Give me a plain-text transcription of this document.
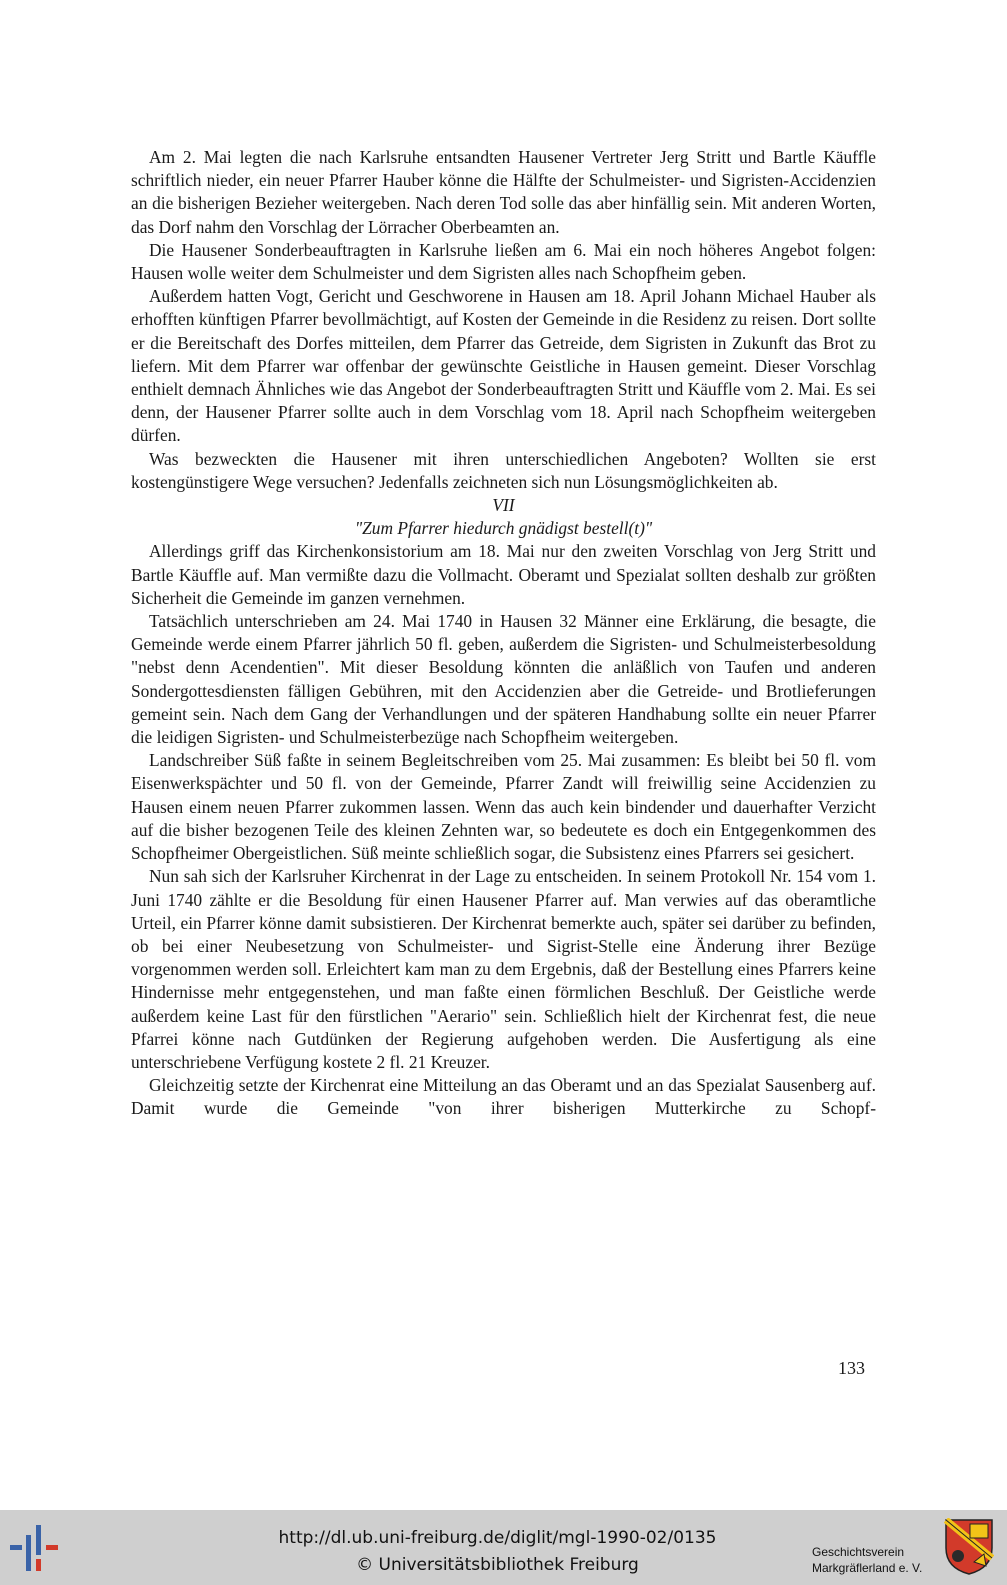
Am 2. Mai legten die nach Karlsruhe entsandten Hausener Vertreter Jerg Stritt und Bartle Käuffle schriftlich nieder, ein neuer Pfarrer Hauber könne die Hälfte der Schulmeister- und Sigristen-Accidenzien an die bisherigen Bezieher weitergeben. Nach deren Tod solle das aber hinfällig sein. Mit anderen Worten, das Dorf nahm den Vorschlag der Lörracher Oberbeamten an.

Die Hausener Sonderbeauftragten in Karlsruhe ließen am 6. Mai ein noch höheres Angebot folgen: Hausen wolle weiter dem Schulmeister und dem Sigristen alles nach Schopfheim geben.

Außerdem hatten Vogt, Gericht und Geschworene in Hausen am 18. April Johann Michael Hauber als erhofften künftigen Pfarrer bevollmächtigt, auf Kosten der Gemeinde in die Residenz zu reisen. Dort sollte er die Bereitschaft des Dorfes mitteilen, dem Pfarrer das Getreide, dem Sigristen in Zukunft das Brot zu liefern. Mit dem Pfarrer war offenbar der gewünschte Geistliche in Hausen gemeint. Dieser Vorschlag enthielt demnach Ähnliches wie das Angebot der Sonderbeauftragten Stritt und Käuffle vom 2. Mai. Es sei denn, der Hausener Pfarrer sollte auch in dem Vorschlag vom 18. April nach Schopfheim weitergeben dürfen.

Was bezweckten die Hausener mit ihren unterschiedlichen Angeboten? Wollten sie erst kostengünstigere Wege versuchen? Jedenfalls zeichneten sich nun Lösungsmöglichkeiten ab.

VII

"Zum Pfarrer hiedurch gnädigst bestell(t)"

Allerdings griff das Kirchenkonsistorium am 18. Mai nur den zweiten Vorschlag von Jerg Stritt und Bartle Käuffle auf. Man vermißte dazu die Vollmacht. Oberamt und Spezialat sollten deshalb zur größten Sicherheit die Gemeinde im ganzen vernehmen.

Tatsächlich unterschrieben am 24. Mai 1740 in Hausen 32 Männer eine Erklärung, die besagte, die Gemeinde werde einem Pfarrer jährlich 50 fl. geben, außerdem die Sigristen- und Schulmeisterbesoldung "nebst denn Acendentien". Mit dieser Besoldung könnten die anläßlich von Taufen und anderen Sondergottesdiensten fälligen Gebühren, mit den Accidenzien aber die Getreide- und Brotlieferungen gemeint sein. Nach dem Gang der Verhandlungen und der späteren Handhabung sollte ein neuer Pfarrer die leidigen Sigristen- und Schulmeisterbezüge nach Schopfheim weitergeben.

Landschreiber Süß faßte in seinem Begleitschreiben vom 25. Mai zusammen: Es bleibt bei 50 fl. vom Eisenwerkspächter und 50 fl. von der Gemeinde, Pfarrer Zandt will freiwillig seine Accidenzien zu Hausen einem neuen Pfarrer zukommen lassen. Wenn das auch kein bindender und dauerhafter Verzicht auf die bisher bezogenen Teile des kleinen Zehnten war, so bedeutete es doch ein Entgegenkommen des Schopfheimer Obergeistlichen. Süß meinte schließlich sogar, die Subsistenz eines Pfarrers sei gesichert.

Nun sah sich der Karlsruher Kirchenrat in der Lage zu entscheiden. In seinem Protokoll Nr. 154 vom 1. Juni 1740 zählte er die Besoldung für einen Hausener Pfarrer auf. Man verwies auf das oberamtliche Urteil, ein Pfarrer könne damit subsistieren. Der Kirchenrat bemerkte auch, später sei darüber zu befinden, ob bei einer Neubesetzung von Schulmeister- und Sigrist-Stelle eine Änderung ihrer Bezüge vorgenommen werden soll. Erleichtert kam man zu dem Ergebnis, daß der Bestellung eines Pfarrers keine Hindernisse mehr entgegenstehen, und man faßte einen förmlichen Beschluß. Der Geistliche werde außerdem keine Last für den fürstlichen "Aerario" sein. Schließlich hielt der Kirchenrat fest, die neue Pfarrei könne nach Gutdünken der Regierung aufgehoben werden. Die Ausfertigung als eine unterschriebene Verfügung kostete 2 fl. 21 Kreuzer.

Gleichzeitig setzte der Kirchenrat eine Mitteilung an das Oberamt und an das Spezialat Sausenberg auf. Damit wurde die Gemeinde "von ihrer bisherigen Mutterkirche zu Schopf-

133
http://dl.ub.uni-freiburg.de/diglit/mgl-1990-02/0135
© Universitätsbibliothek Freiburg
Geschichtsverein
Markgräflerland e. V.
